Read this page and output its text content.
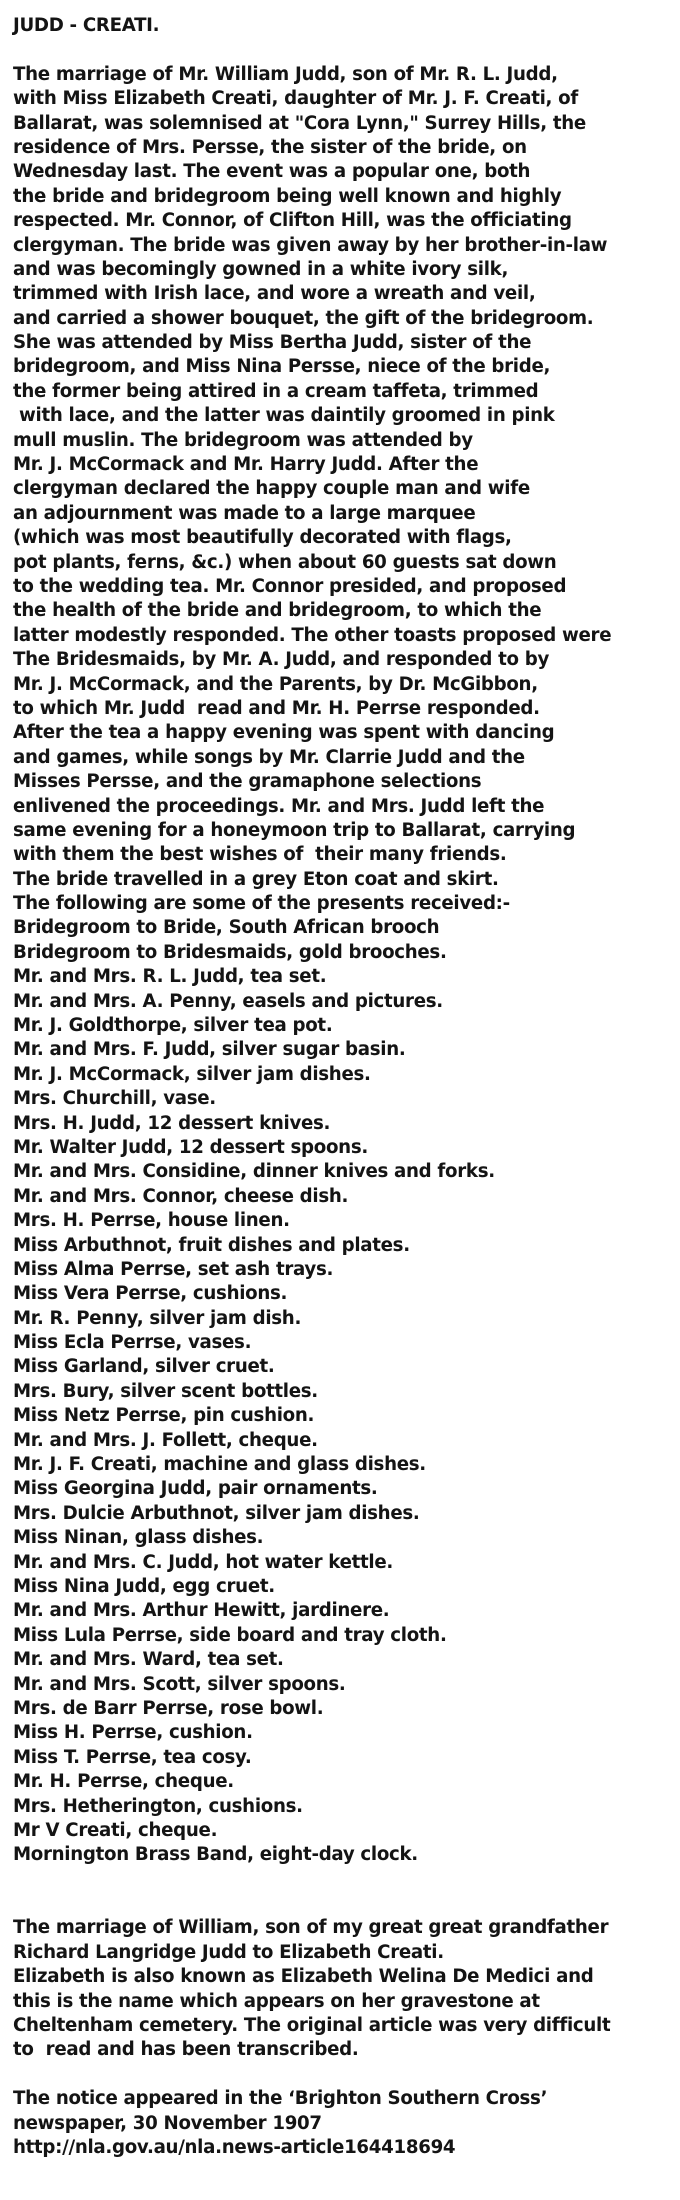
JUDD - CREATI.
The marriage of Mr. William Judd, son of Mr. R. L. Judd,
with Miss Elizabeth Creati, daughter of Mr. J. F. Creati, of
Ballarat, was solemnised at "Cora Lynn," Surrey Hills, the
residence of Mrs. Persse, the sister of the bride, on
Wednesday last. The event was a popular one, both
the bride and bridegroom being well known and highly
respected. Mr. Connor, of Clifton Hill, was the officiating
clergyman. The bride was given away by her brother-in-law
and was becomingly gowned in a white ivory silk,
trimmed with Irish lace, and wore a wreath and veil,
and carried a shower bouquet, the gift of the bridegroom.
She was attended by Miss Bertha Judd, sister of the
bridegroom, and Miss Nina Persse, niece of the bride,
the former being attired in a cream taffeta, trimmed
with lace, and the latter was daintily groomed in pink
mull muslin. The bridegroom was attended by
Mr. J. McCormack and Mr. Harry Judd. After the
clergyman declared the happy couple man and wife
an adjournment was made to a large marquee
(which was most beautifully decorated with flags,
pot plants, ferns, &c.) when about 60 guests sat down
to the wedding tea. Mr. Connor presided, and proposed
the health of the bride and bridegroom, to which the
latter modestly responded. The other toasts proposed were
The Bridesmaids, by Mr. A. Judd, and responded to by
Mr. J. McCormack, and the Parents, by Dr. McGibbon,
to which Mr. Judd  read and Mr. H. Perrse responded.
After the tea a happy evening was spent with dancing
and games, while songs by Mr. Clarrie Judd and the
Misses Persse, and the gramaphone selections
enlivened the proceedings. Mr. and Mrs. Judd left the
same evening for a honeymoon trip to Ballarat, carrying
with them the best wishes of  their many friends.
The bride travelled in a grey Eton coat and skirt.
The following are some of the presents received:-
Bridegroom to Bride, South African brooch
Bridegroom to Bridesmaids, gold brooches.
Mr. and Mrs. R. L. Judd, tea set.
Mr. and Mrs. A. Penny, easels and pictures.
Mr. J. Goldthorpe, silver tea pot.
Mr. and Mrs. F. Judd, silver sugar basin.
Mr. J. McCormack, silver jam dishes.
Mrs. Churchill, vase.
Mrs. H. Judd, 12 dessert knives.
Mr. Walter Judd, 12 dessert spoons.
Mr. and Mrs. Considine, dinner knives and forks.
Mr. and Mrs. Connor, cheese dish.
Mrs. H. Perrse, house linen.
Miss Arbuthnot, fruit dishes and plates.
Miss Alma Perrse, set ash trays.
Miss Vera Perrse, cushions.
Mr. R. Penny, silver jam dish.
Miss Ecla Perrse, vases.
Miss Garland, silver cruet.
Mrs. Bury, silver scent bottles.
Miss Netz Perrse, pin cushion.
Mr. and Mrs. J. Follett, cheque.
Mr. J. F. Creati, machine and glass dishes.
Miss Georgina Judd, pair ornaments.
Mrs. Dulcie Arbuthnot, silver jam dishes.
Miss Ninan, glass dishes.
Mr. and Mrs. C. Judd, hot water kettle.
Miss Nina Judd, egg cruet.
Mr. and Mrs. Arthur Hewitt, jardinere.
Miss Lula Perrse, side board and tray cloth.
Mr. and Mrs. Ward, tea set.
Mr. and Mrs. Scott, silver spoons.
Mrs. de Barr Perrse, rose bowl.
Miss H. Perrse, cushion.
Miss T. Perrse, tea cosy.
Mr. H. Perrse, cheque.
Mrs. Hetherington, cushions.
Mr V Creati, cheque.
Mornington Brass Band, eight-day clock.
The marriage of William, son of my great great grandfather
Richard Langridge Judd to Elizabeth Creati.
Elizabeth is also known as Elizabeth Welina De Medici and
this is the name which appears on her gravestone at
Cheltenham cemetery. The original article was very difficult
to  read and has been transcribed.
The notice appeared in the ‘Brighton Southern Cross’
newspaper, 30 November 1907
http://nla.gov.au/nla.news-article164418694
